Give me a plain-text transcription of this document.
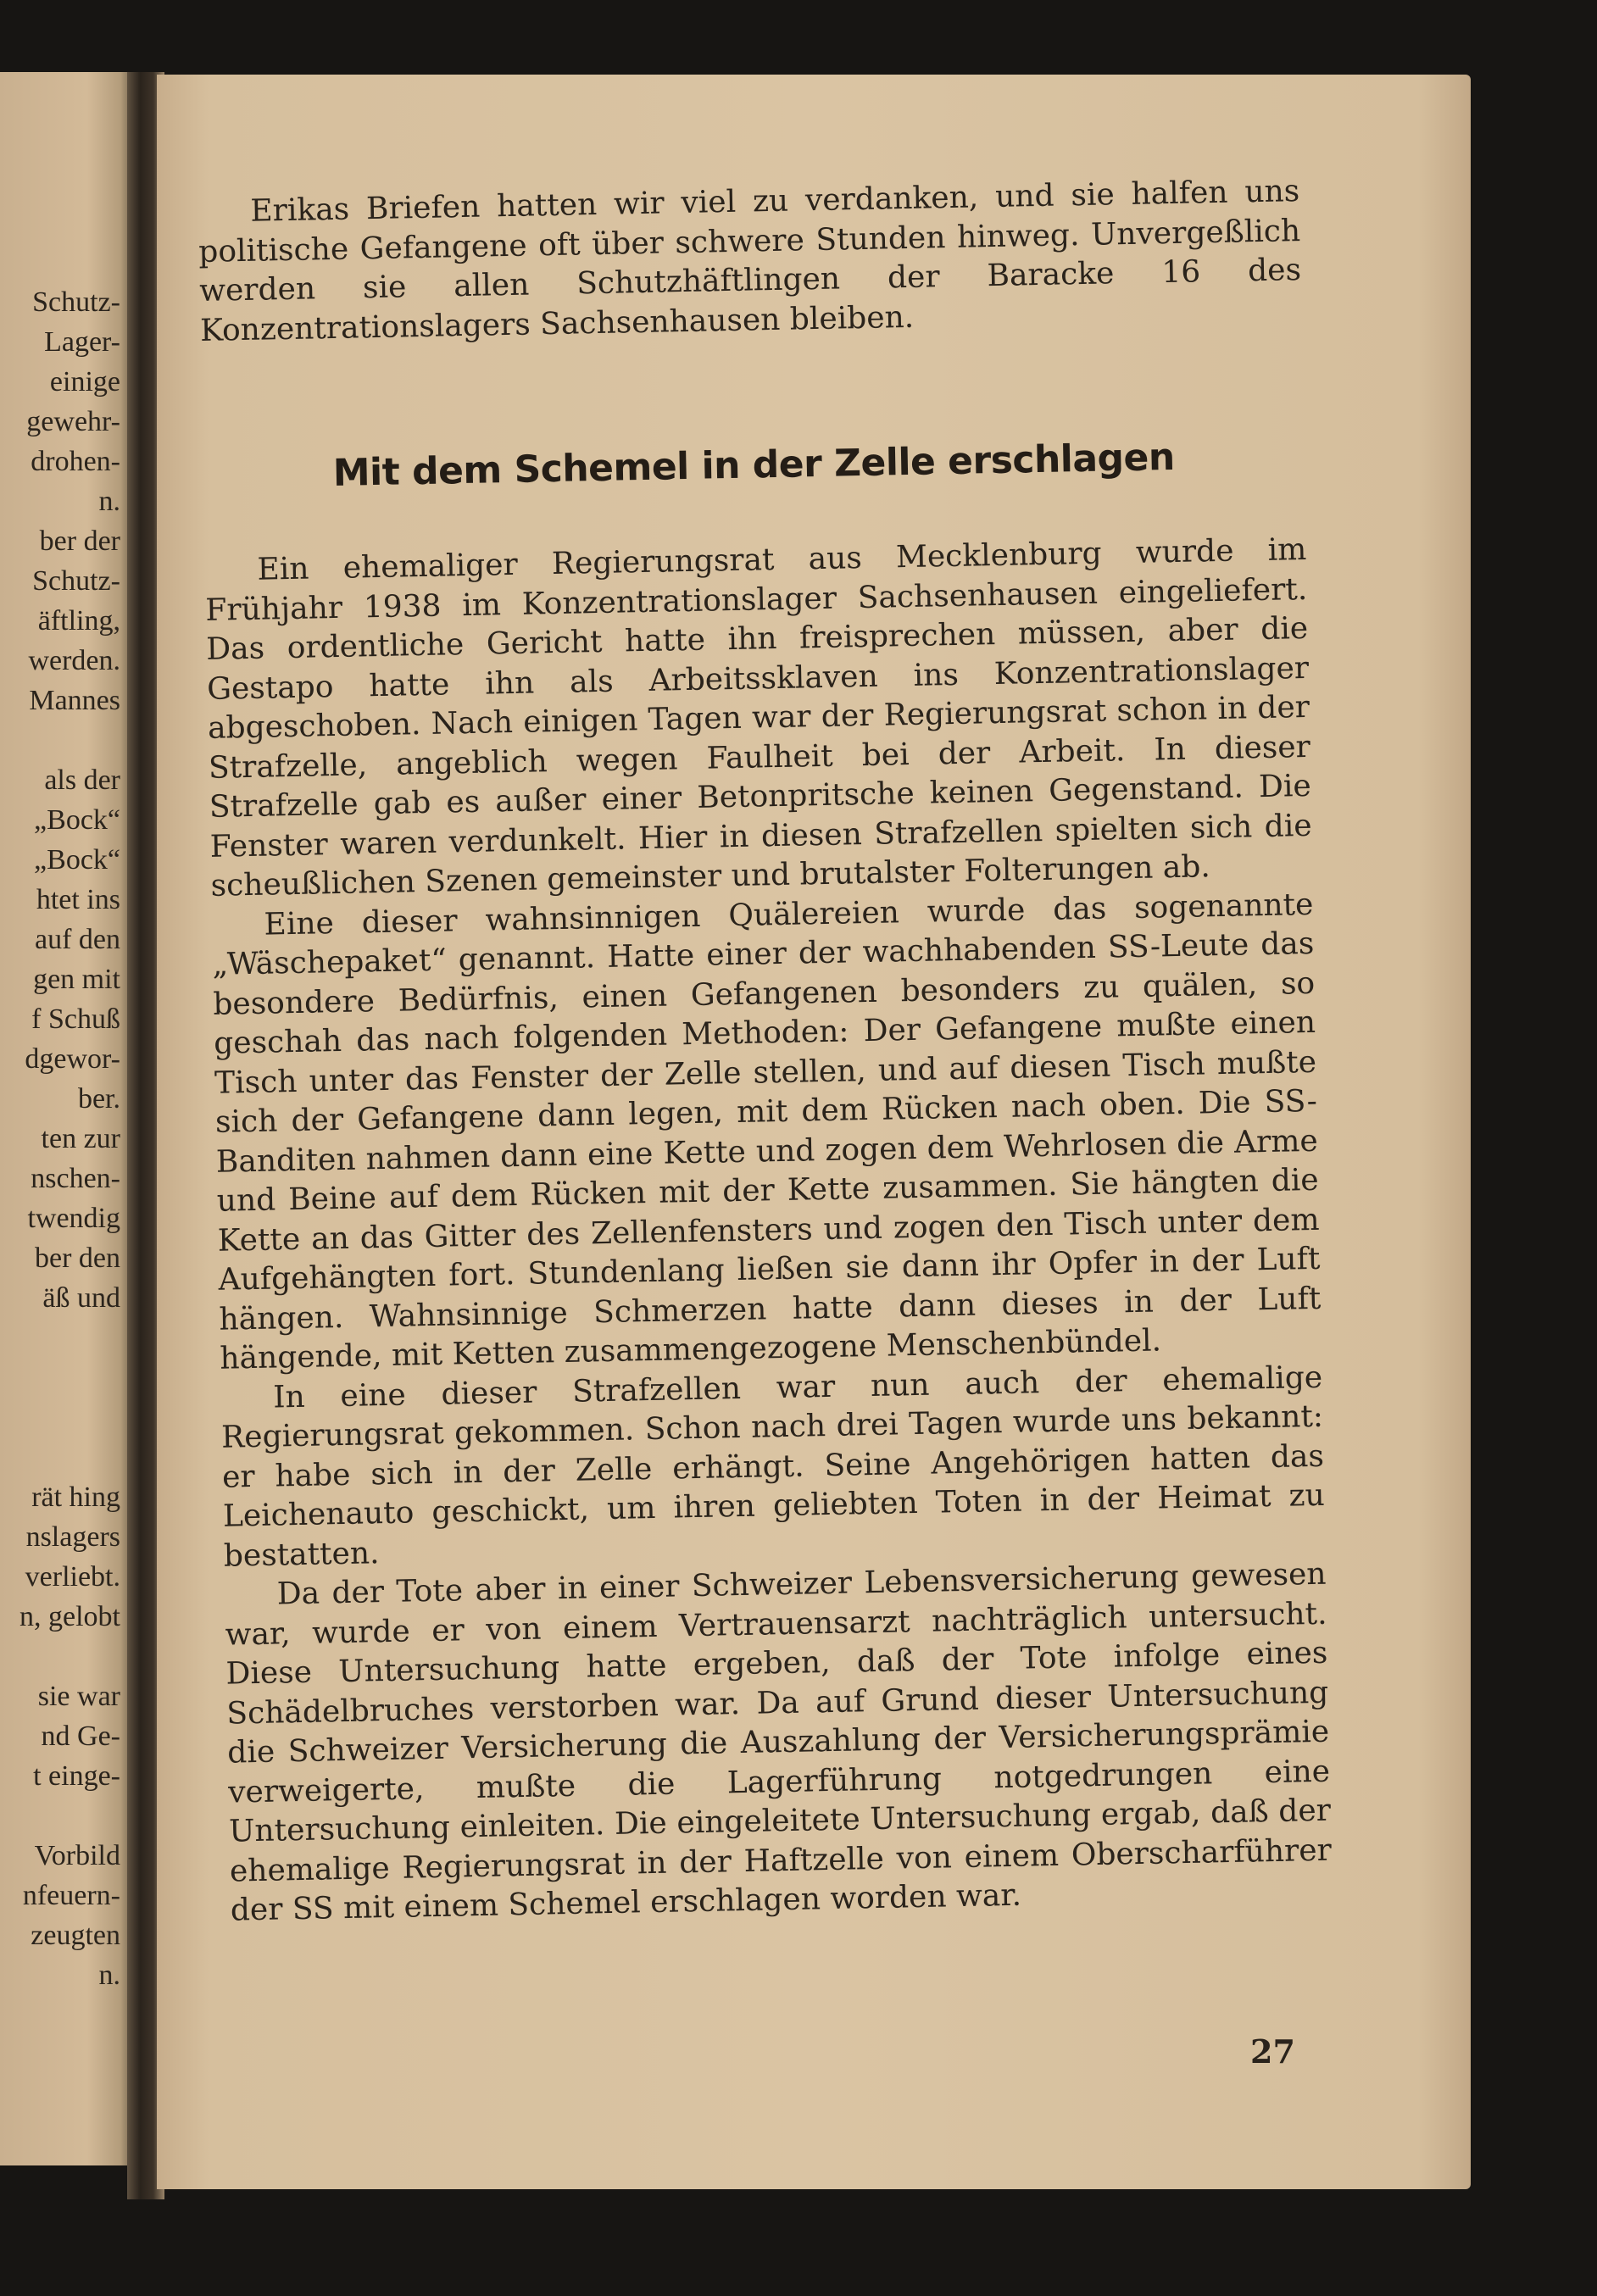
Schutz-
Lager-
einige
gewehr-
drohen-
n.
ber der
Schutz-
äftling,
werden.
Mannes
als der
„Bock“
„Bock“
htet ins
auf den
gen mit
f Schuß
dgewor-
ber.
ten zur
nschen-
twendig
ber den
äß und
rät hing
nslagers
verliebt.
n, gelobt
sie war
nd Ge-
t einge-
Vorbild
nfeuern-
zeugten
n.

Erikas Briefen hatten wir viel zu verdanken, und sie halfen uns politische Gefangene oft über schwere Stunden hinweg. Unvergeßlich werden sie allen Schutzhäftlingen der Baracke 16 des Konzentrationslagers Sachsenhausen bleiben.

Mit dem Schemel in der Zelle erschlagen

Ein ehemaliger Regierungsrat aus Mecklenburg wurde im Frühjahr 1938 im Konzentrationslager Sachsenhausen eingeliefert. Das ordentliche Gericht hatte ihn freisprechen müssen, aber die Gestapo hatte ihn als Arbeitssklaven ins Konzentrationslager abgeschoben. Nach einigen Tagen war der Regierungsrat schon in der Strafzelle, angeblich wegen Faulheit bei der Arbeit. In dieser Strafzelle gab es außer einer Betonpritsche keinen Gegenstand. Die Fenster waren verdunkelt. Hier in diesen Strafzellen spielten sich die scheußlichen Szenen gemeinster und brutalster Folterungen ab.

Eine dieser wahnsinnigen Quälereien wurde das sogenannte „Wäschepaket“ genannt. Hatte einer der wachhabenden SS-Leute das besondere Bedürfnis, einen Gefangenen besonders zu quälen, so geschah das nach folgenden Methoden: Der Gefangene mußte einen Tisch unter das Fenster der Zelle stellen, und auf diesen Tisch mußte sich der Gefangene dann legen, mit dem Rücken nach oben. Die SS-Banditen nahmen dann eine Kette und zogen dem Wehrlosen die Arme und Beine auf dem Rücken mit der Kette zusammen. Sie hängten die Kette an das Gitter des Zellenfensters und zogen den Tisch unter dem Aufgehängten fort. Stundenlang ließen sie dann ihr Opfer in der Luft hängen. Wahnsinnige Schmerzen hatte dann dieses in der Luft hängende, mit Ketten zusammengezogene Menschenbündel.

In eine dieser Strafzellen war nun auch der ehemalige Regierungsrat gekommen. Schon nach drei Tagen wurde uns bekannt: er habe sich in der Zelle erhängt. Seine Angehörigen hatten das Leichenauto geschickt, um ihren geliebten Toten in der Heimat zu bestatten.

Da der Tote aber in einer Schweizer Lebensversicherung gewesen war, wurde er von einem Vertrauensarzt nachträglich untersucht. Diese Untersuchung hatte ergeben, daß der Tote infolge eines Schädelbruches verstorben war. Da auf Grund dieser Untersuchung die Schweizer Versicherung die Auszahlung der Versicherungsprämie verweigerte, mußte die Lagerführung notgedrungen eine Untersuchung einleiten. Die eingeleitete Untersuchung ergab, daß der ehemalige Regierungsrat in der Haftzelle von einem Oberscharführer der SS mit einem Schemel erschlagen worden war.

27
